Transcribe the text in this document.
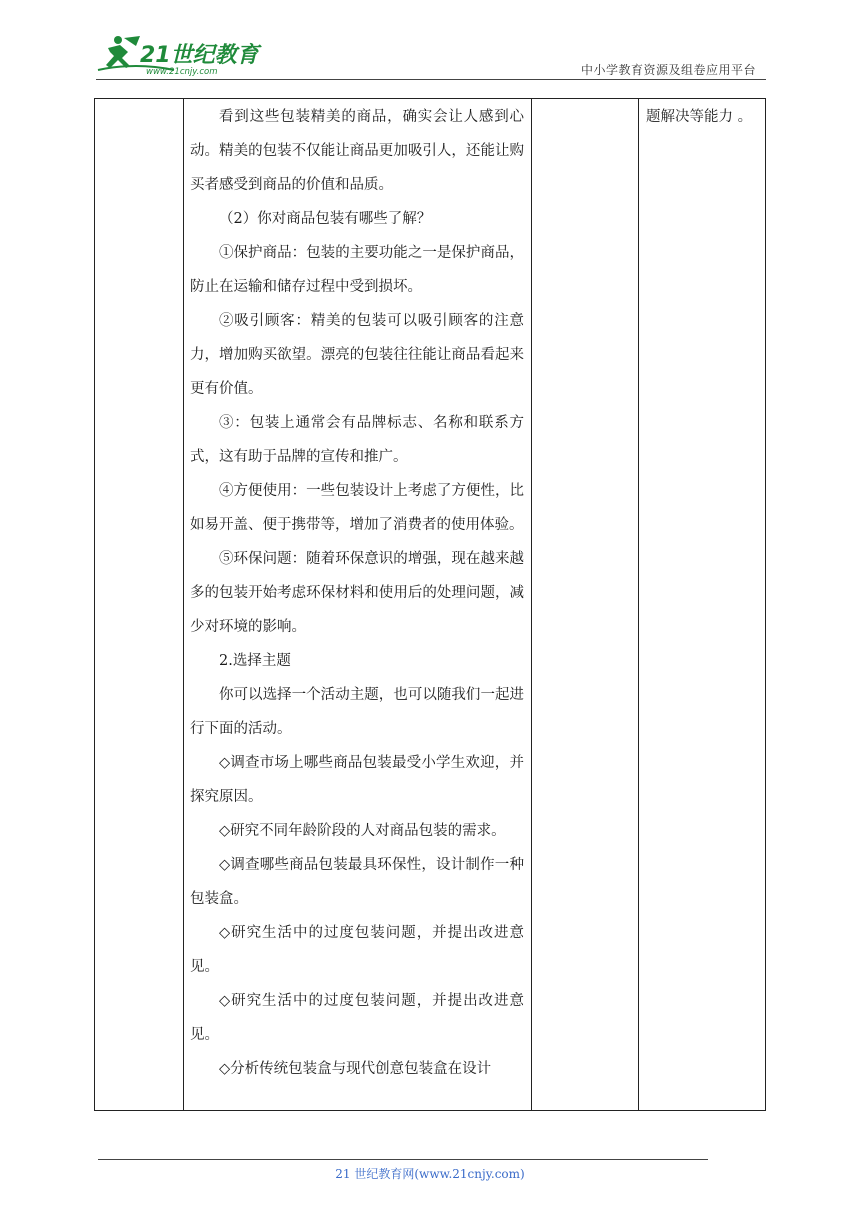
21世纪教育
www.21cnjy.com	中小学教育资源及组卷应用平台

看到这些包装精美的商品，确实会让人感到心动。精美的包装不仅能让商品更加吸引人，还能让购买者感受到商品的价值和品质。

（2）你对商品包装有哪些了解？

①保护商品：包装的主要功能之一是保护商品，防止在运输和储存过程中受到损坏。

②吸引顾客：精美的包装可以吸引顾客的注意力，增加购买欲望。漂亮的包装往往能让商品看起来更有价值。

③：包装上通常会有品牌标志、名称和联系方式，这有助于品牌的宣传和推广。

④方便使用：一些包装设计上考虑了方便性，比如易开盖、便于携带等，增加了消费者的使用体验。

⑤环保问题：随着环保意识的增强，现在越来越多的包装开始考虑环保材料和使用后的处理问题，减少对环境的影响。

2.选择主题

你可以选择一个活动主题，也可以随我们一起进行下面的活动。

◇调查市场上哪些商品包装最受小学生欢迎，并探究原因。

◇研究不同年龄阶段的人对商品包装的需求。

◇调查哪些商品包装最具环保性，设计制作一种包装盒。

◇研究生活中的过度包装问题，并提出改进意见。

◇研究生活中的过度包装问题，并提出改进意见。

◇分析传统包装盒与现代创意包装盒在设计

题解决等能力 。
21 世纪教育网(www.21cnjy.com)
